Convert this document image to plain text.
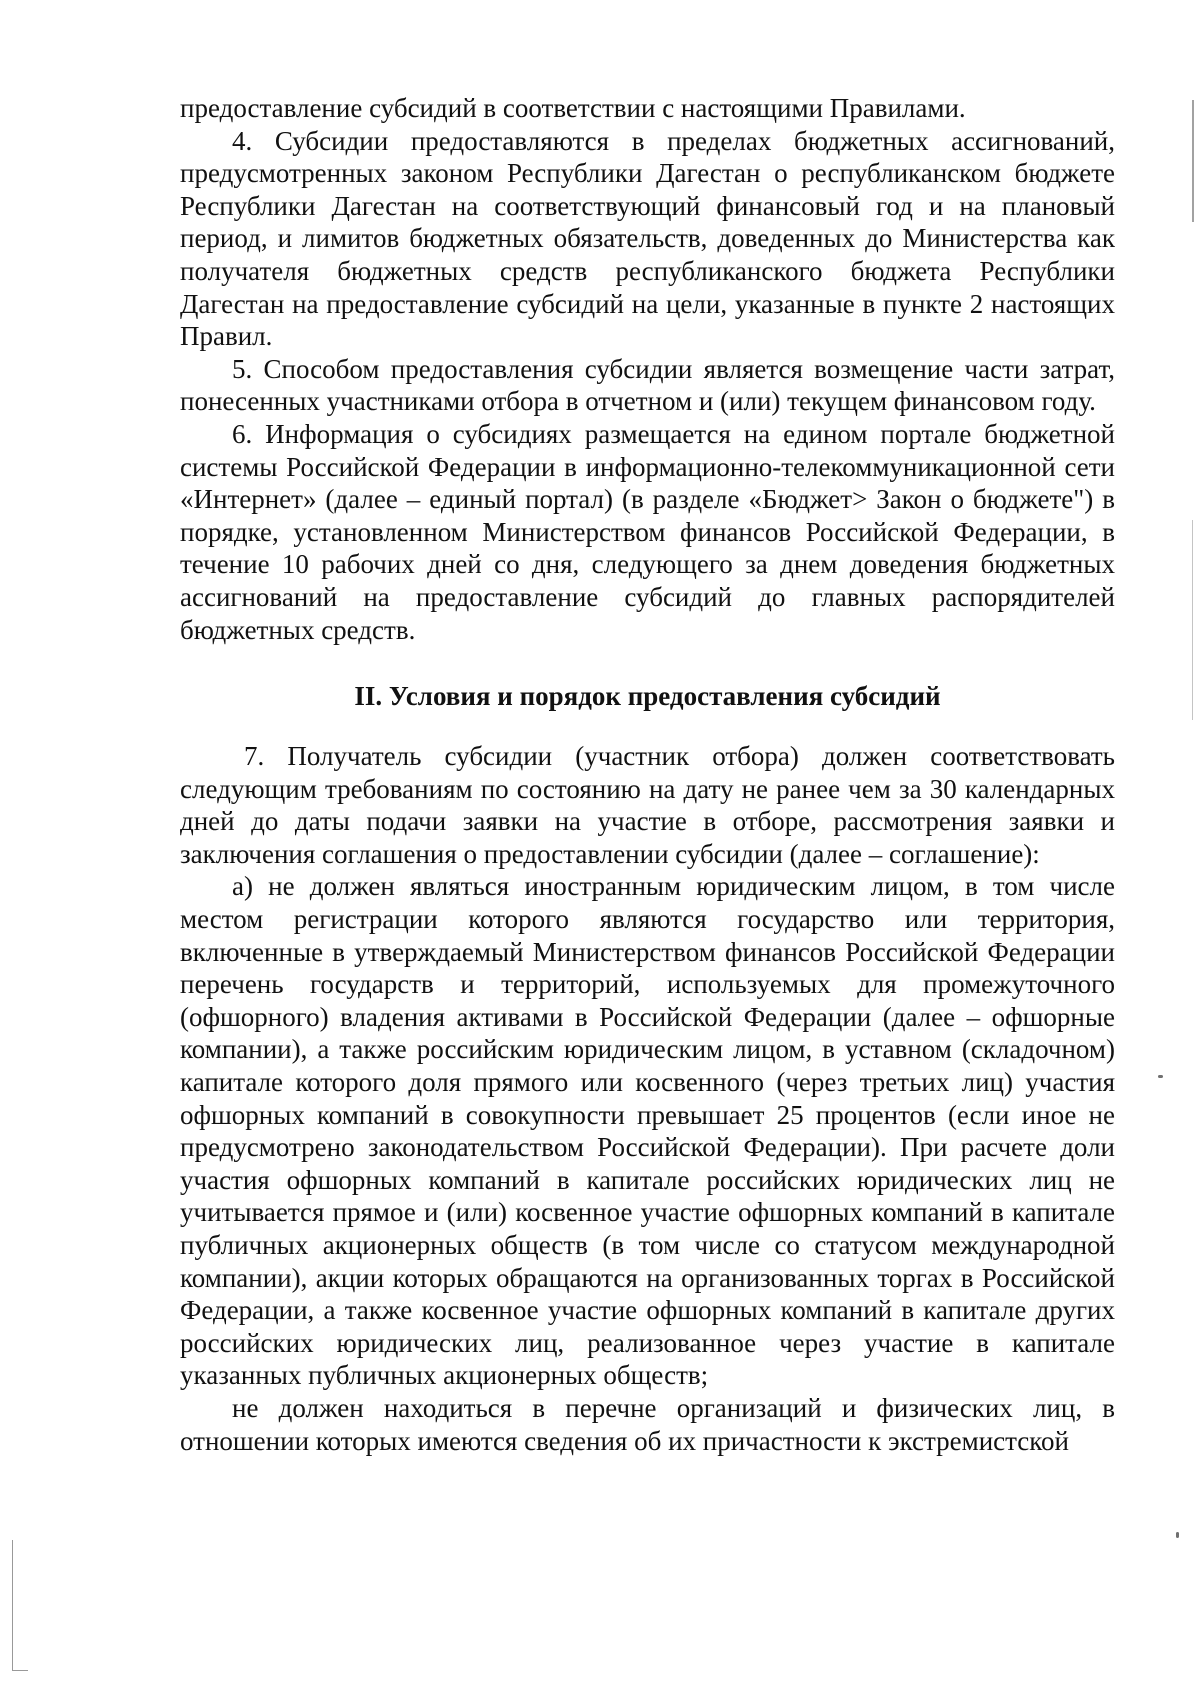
предоставление субсидий в соответствии с настоящими Правилами.

4. Субсидии предоставляются в пределах бюджетных ассигнований, предусмотренных законом Республики Дагестан о республиканском бюджете Республики Дагестан на соответствующий финансовый год и на плановый период, и лимитов бюджетных обязательств, доведенных до Министерства как получателя бюджетных средств республиканского бюджета Республики Дагестан на предоставление субсидий на цели, указанные в пункте 2 настоящих Правил.

5. Способом предоставления субсидии является возмещение части затрат, понесенных участниками отбора в отчетном и (или) текущем финансовом году.

6. Информация о субсидиях размещается на едином портале бюджетной системы Российской Федерации в информационно-телекоммуникационной сети «Интернет» (далее – единый портал) (в разделе «Бюджет> Закон о бюджете") в порядке, установленном Министерством финансов Российской Федерации, в течение 10 рабочих дней со дня, следующего за днем доведения бюджетных ассигнований на предоставление субсидий до главных распорядителей бюджетных средств.

II. Условия и порядок предоставления субсидий

7. Получатель субсидии (участник отбора) должен соответствовать следующим требованиям по состоянию на дату не ранее чем за 30 календарных дней до даты подачи заявки на участие в отборе, рассмотрения заявки и заключения соглашения о предоставлении субсидии (далее – соглашение):

а) не должен являться иностранным юридическим лицом, в том числе местом регистрации которого являются государство или территория, включенные в утверждаемый Министерством финансов Российской Федерации перечень государств и территорий, используемых для промежуточного (офшорного) владения активами в Российской Федерации (далее – офшорные компании), а также российским юридическим лицом, в уставном (складочном) капитале которого доля прямого или косвенного (через третьих лиц) участия офшорных компаний в совокупности превышает 25 процентов (если иное не предусмотрено законодательством Российской Федерации). При расчете доли участия офшорных компаний в капитале российских юридических лиц не учитывается прямое и (или) косвенное участие офшорных компаний в капитале публичных акционерных обществ (в том числе со статусом международной компании), акции которых обращаются на организованных торгах в Российской Федерации, а также косвенное участие офшорных компаний в капитале других российских юридических лиц, реализованное через участие в капитале указанных публичных акционерных обществ;

не должен находиться в перечне организаций и физических лиц, в отношении которых имеются сведения об их причастности к экстремистской
